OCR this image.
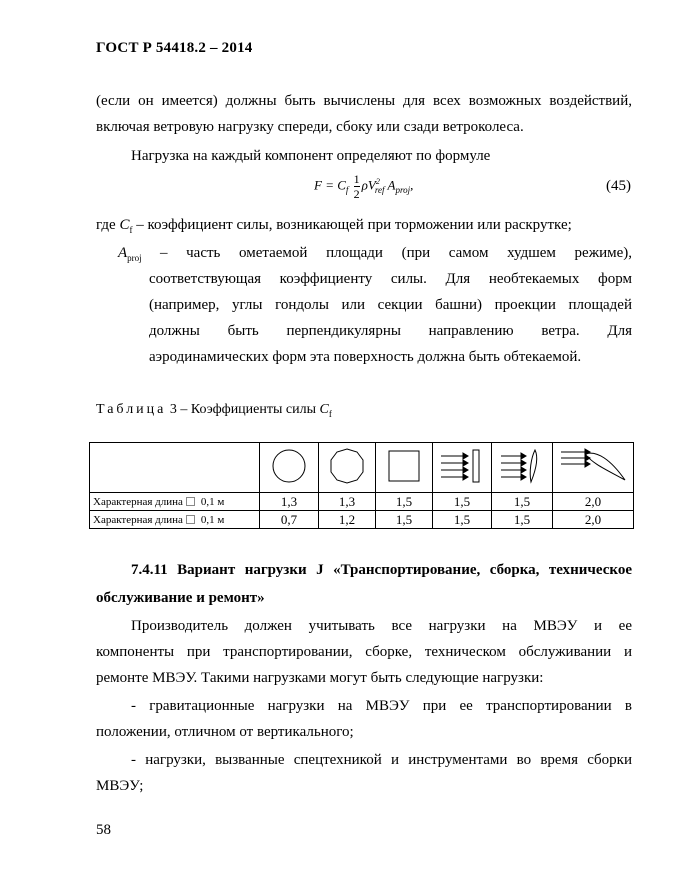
ГОСТ Р 54418.2 – 2014
(если он имеется) должны быть вычислены для всех возможных воздействий,
включая ветровую нагрузку спереди, сбоку или сзади ветроколеса.
Нагрузка на каждый компонент определяют по формуле
$F = C_f \frac{1}{2} \rho V^2_{ref}$ $A_{proj}$,	(45)
где $C_f$ – коэффициент силы, возникающей при торможении или раскрутке;
$A_{proj}$	– часть ометаемой площади (при самом худшем режиме),
соответствующая коэффициенту силы. Для необтекаемых форм
(например, углы гондолы или секции башни) проекции площадей
должны быть перпендикулярны направлению ветра. Для
аэродинамических форм эта поверхность должна быть обтекаемой.
Таблица 3 – Коэффициенты силы $C_f$

Характерная длина 0,1 м	1,3	1,3	1,5	1,5	1,5	2,0
Характерная длина 0,1 м	0,7	1,2	1,5	1,5	1,5	2,0
7.4.11 Вариант нагрузки J «Транспортирование, сборка, техническое
обслуживание и ремонт»
Производитель должен учитывать все нагрузки на МВЭУ и ее
компоненты при транспортировании, сборке, техническом обслуживании и
ремонте МВЭУ. Такими нагрузками могут быть следующие нагрузки:
- гравитационные нагрузки на МВЭУ при ее транспортировании в
положении, отличном от вертикального;
- нагрузки, вызванные спецтехникой и инструментами во время сборки
МВЭУ;
58
